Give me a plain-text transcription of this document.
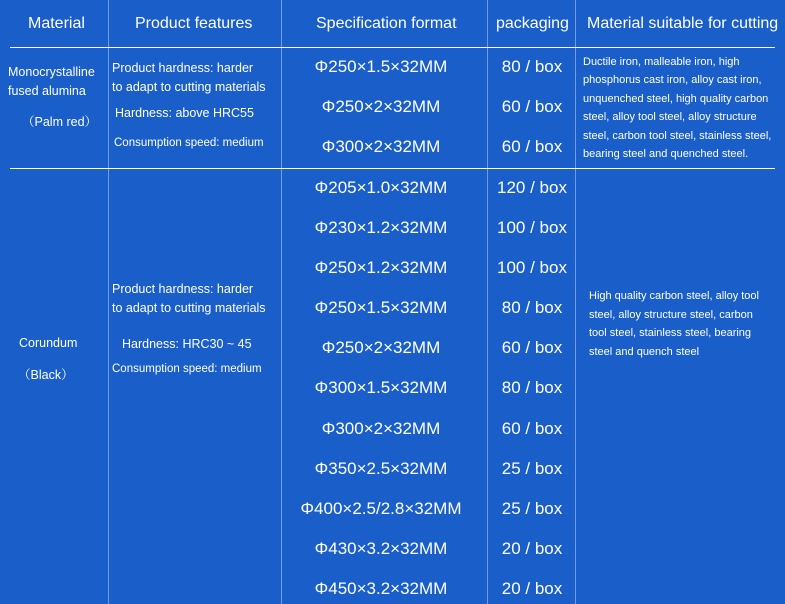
Material	Product features	Specification format packaging Material suitable for cutting
Monocrystalline
fused alumina
（Palm red）
Product hardness: harder
to adapt to cutting materials
Hardness: above HRC55
Consumption speed: medium
Φ250×1.5×32MM
Φ250×2×32MM
Φ300×2×32MM
80 / box
60 / box
60 / box
Ductile iron, malleable iron, high
phosphorus cast iron, alloy cast iron,
unquenched steel, high quality carbon
steel, alloy tool steel, alloy structure
steel, carbon tool steel, stainless steel,
bearing steel and quenched steel.
Corundum
（Black）
Product hardness: harder
to adapt to cutting materials
Hardness: HRC30 ~ 45
Consumption speed: medium
Φ205×1.0×32MM
Φ230×1.2×32MM
Φ250×1.2×32MM
Φ250×1.5×32MM
Φ250×2×32MM
Φ300×1.5×32MM
Φ300×2×32MM
Φ350×2.5×32MM
Φ400×2.5/2.8×32MM
Φ430×3.2×32MM
Φ450×3.2×32MM
120 / box
100 / box
100 / box
80 / box
60 / box
80 / box
60 / box
25 / box
25 / box
20 / box
20 / box
High quality carbon steel, alloy tool
steel, alloy structure steel, carbon
tool steel, stainless steel, bearing
steel and quench steel
